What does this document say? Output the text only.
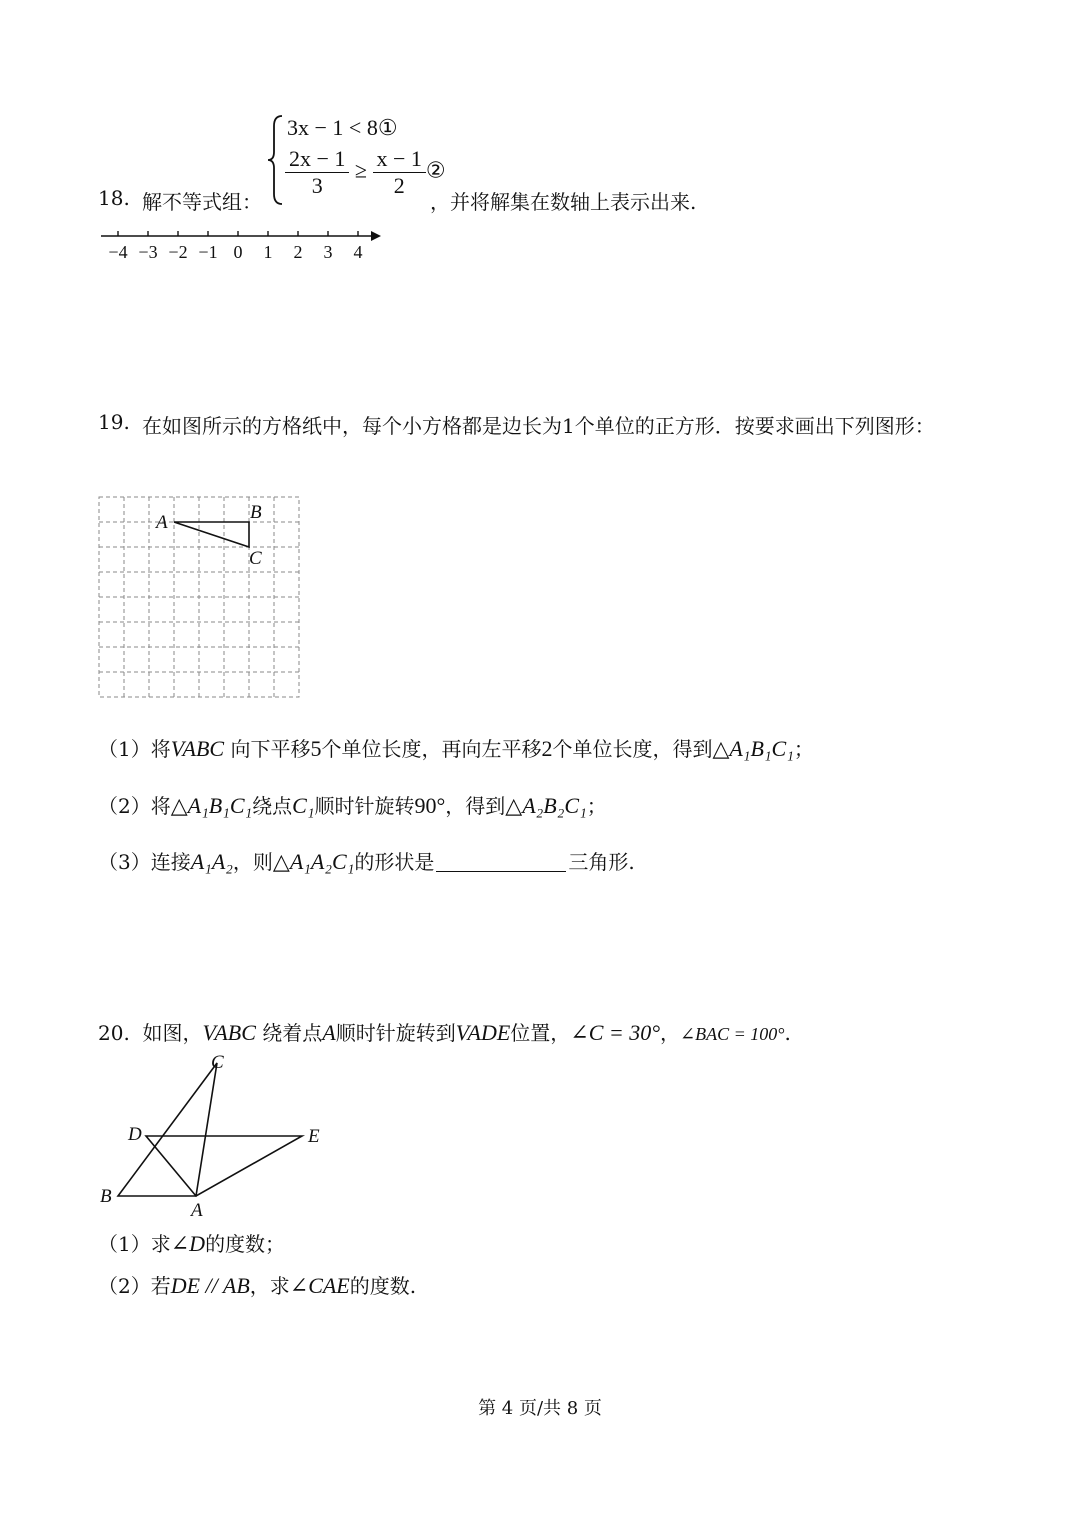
3x − 1 < 8①
$\frac{2x - 1}{3} \ge \frac{x - 1}{2}$ ②
18. 解不等式组：	，并将解集在数轴上表示出来.
−4 −3 −2 −1 0 1 2 3 4
19. 在如图所示的方格纸中，每个小方格都是边长为1个单位的正方形．按要求画出下列图形：
A	B
C
（1）将VABC 向下平移5个单位长度，再向左平移2个单位长度，得到△A₁B₁C₁；
（2）将△A₁B₁C₁绕点C₁顺时针旋转90°，得到△A₂B₂C₁；
（3）连接A₁A₂，则△A₁A₂C₁的形状是	三角形.
20. 如图，VABC 绕着点A顺时针旋转到VADE位置，∠C = 30°，∠BAC = 100°.
B
A
C
D	E
（1）求∠D的度数；
（2）若DE // AB，求∠CAE的度数.
第 4 页/共 8 页
